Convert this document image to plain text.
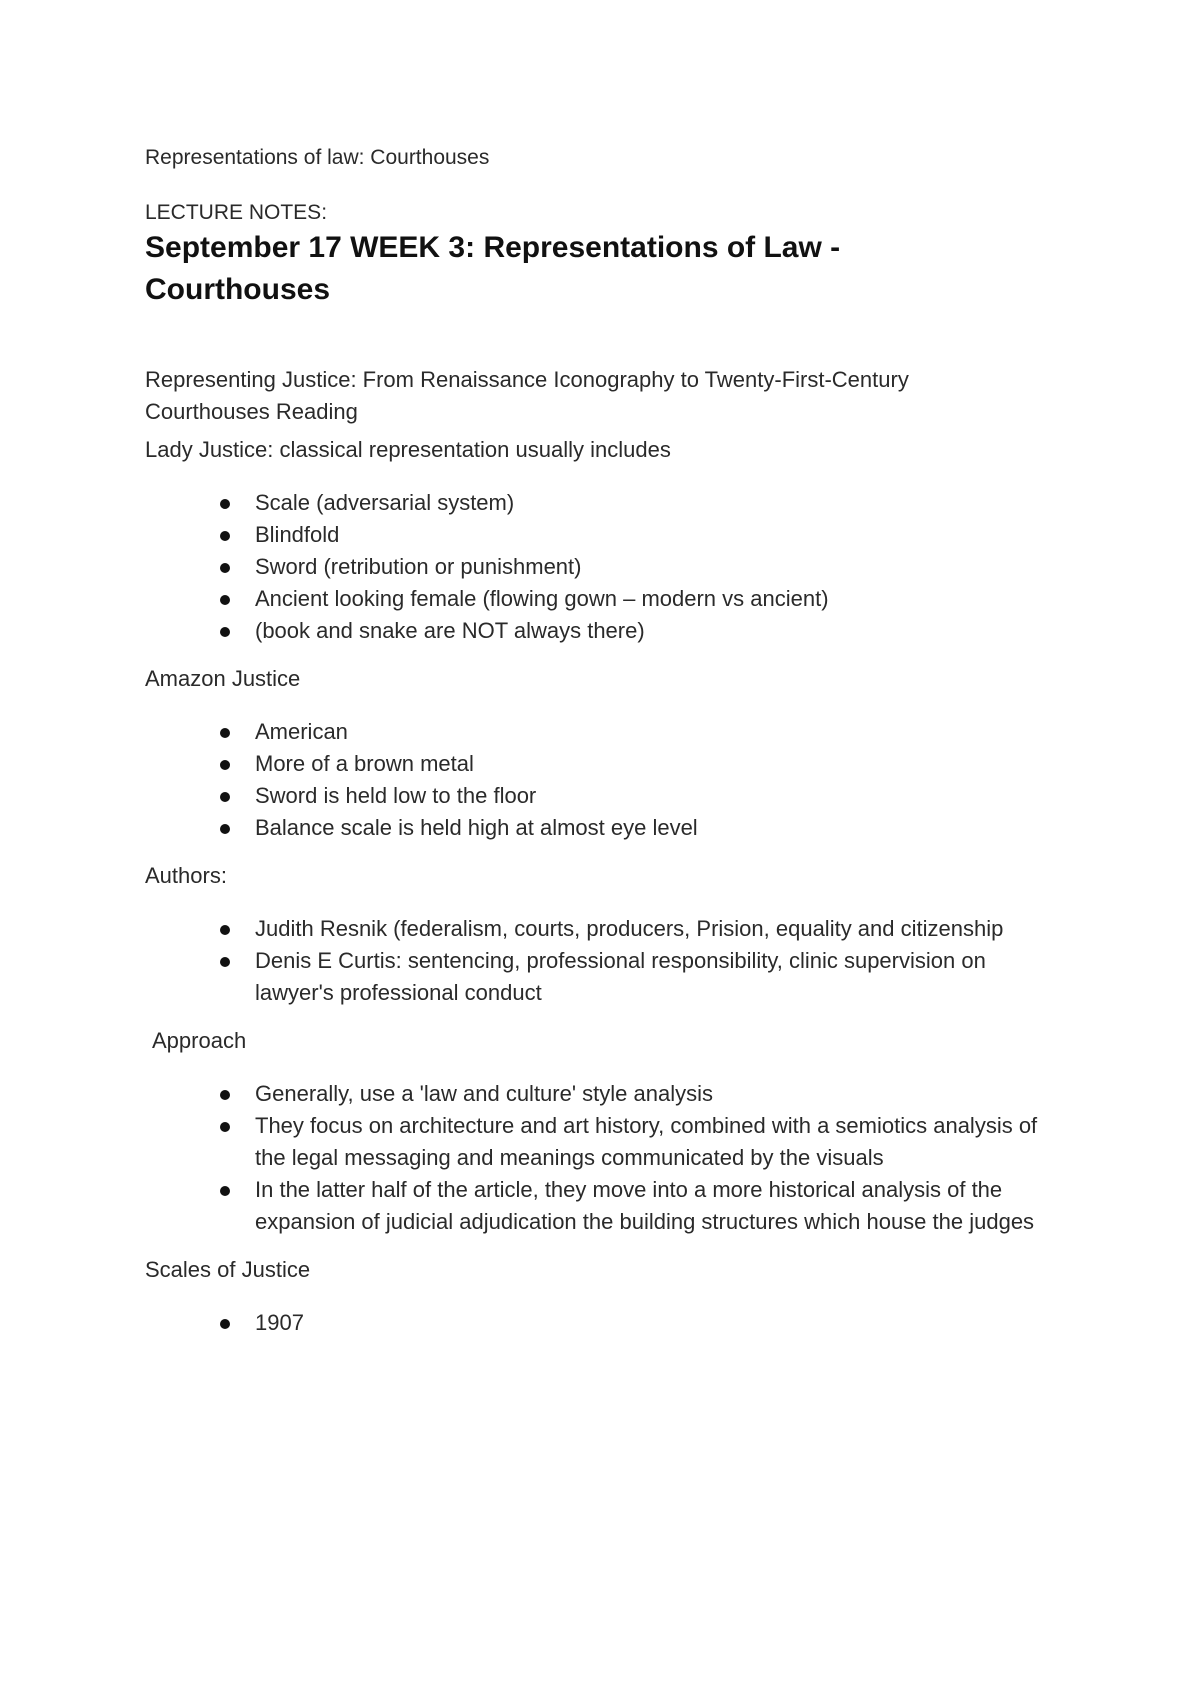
Representations of law: Courthouses

LECTURE NOTES:

September 17 WEEK 3: Representations of Law -
Courthouses

Representing Justice: From Renaissance Iconography to Twenty-First-Century
Courthouses Reading

Lady Justice: classical representation usually includes

Scale (adversarial system)
Blindfold
Sword (retribution or punishment)
Ancient looking female (flowing gown – modern vs ancient)
(book and snake are NOT always there)

Amazon Justice

American
More of a brown metal
Sword is held low to the floor
Balance scale is held high at almost eye level

Authors:

Judith Resnik (federalism, courts, producers, Prision, equality and citizenship
Denis E Curtis: sentencing, professional responsibility, clinic supervision on lawyer's professional conduct

Approach

Generally, use a 'law and culture' style analysis
They focus on architecture and art history, combined with a semiotics analysis of the legal messaging and meanings communicated by the visuals
In the latter half of the article, they move into a more historical analysis of the expansion of judicial adjudication the building structures which house the judges

Scales of Justice

1907
